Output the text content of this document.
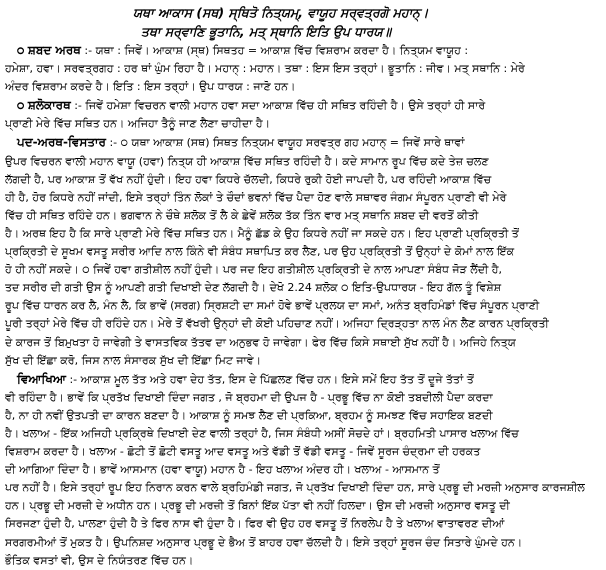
ਯਥਾ ਆਕਾਸ (ਸਥ) ਸ੍ਥਿਤੋ ਨਿਤ੍ਯਮ੍, ਵਾਯੂਹ ਸਰ੍ਵਤ੍ਰਗੋ ਮਹਾਨ੍।
ਤਥਾ ਸਰ੍ਵਾਣਿ ਭੂਤਾਨਿ, ਮਤ੍ ਸ੍ਥਾਨਿ ਇਤਿ ਉਪ ਧਾਰਯ॥

੦ ਸ਼ਬਦ ਅਰਥ :- ਯਥਾ : ਜਿਵੇਂ। ਆਕਾਸ਼ (ਸ੍ਥ) ਸਿਥਤਹ = ਆਕਾਸ਼ ਵਿੱਚ ਵਿਸ਼ਰਾਮ ਕਰਦਾ ਹੈ। ਨਿਤ੍ਯਮ ਵਾਯੂਹ :

ਹਮੇਸ਼ਾ, ਹਵਾ। ਸਰਵਤ੍ਰਗਹ : ਹਰ ਥਾਂ ਘੁੰਮ ਰਿਹਾ ਹੈ। ਮਹਾਨ੍ : ਮਹਾਨ। ਤਥਾ : ਇਸ ਇਸ ਤਰ੍ਹਾਂ। ਭੂਤਾਨਿ : ਜੀਵ। ਮਤ੍ ਸਥਾਨਿ : ਮੇਰੇ

ਅੰਦਰ ਵਿਸ਼ਰਾਮ ਕਰਦੇ ਹੈ। ਇਤਿ : ਇਸ ਤਰ੍ਹਾਂ। ਉਪ ਧਾਰਯ : ਜਾਣੋ ਹਨ।

੦ ਸ਼ਲੋਕਾਰਥ :- ਜਿਵੇਂ ਹਮੇਸ਼ਾ ਵਿਚਰਨ ਵਾਲੀ ਮਹਾਨ ਹਵਾ ਸਦਾ ਆਕਾਸ਼ ਵਿੱਚ ਹੀ ਸਥਿਤ ਰਹਿੰਦੀ ਹੈ। ਉਸੇ ਤਰ੍ਹਾਂ ਹੀ ਸਾਰੇ

ਪ੍ਰਾਣੀ ਮੇਰੇ ਵਿੱਚ ਸਥਿਤ ਹਨ। ਅਜਿਹਾ ਤੈਨੂੰ ਜਾਣ ਲੈਣਾ ਚਾਹੀਦਾ ਹੈ।

ਪਦ-ਅਰਥ-ਵਿਸਤਾਰ :- ੦ ਯਥਾ ਆਕਾਸ਼ (ਸਥ) ਸਿਥਤ ਨਿਤ੍ਯਮ ਵਾਯੂਹ ਸਰਵਤ੍ਰ ਗਹ ਮਹਾਨ੍ = ਜਿਵੇਂ ਸਾਰੇ ਥਾਵਾਂ

ਉਪਰ ਵਿਚਰਨ ਵਾਲੀ ਮਹਾਨ ਵਾਯੂ (ਹਵਾ) ਨਿਤ੍ਯ ਹੀ ਆਕਾਸ਼ ਵਿੱਚ ਸਥਿਤ ਰਹਿੰਦੀ ਹੈ। ਕਦੇ ਸਾਮਾਨ ਰੂਪ ਵਿੱਚ ਕਦੇ ਤੇਜ਼ ਚਲਣ

ਲੱਗਦੀ ਹੈ, ਪਰ ਆਕਾਸ਼ ਤੋਂ ਵੱਖ ਨਹੀਂ ਹੁੰਦੀ। ਇਹ ਹਵਾ ਕਿਧਰੇ ਚੱਲਦੀ, ਕਿਧਰੇ ਰੁਕੀ ਹੋਈ ਜਾਪਦੀ ਹੈ, ਪਰ ਰਹਿੰਦੀ ਆਕਾਸ਼ ਵਿੱਚ

ਹੀ ਹੈ, ਹੋਰ ਕਿਧਰੇ ਨਹੀਂ ਜਾਂਦੀ, ਇਸੇ ਤਰ੍ਹਾਂ ਤਿੰਨ ਲੋਕਾਂ ਤੇ ਚੌਦਾਂ ਭਵਨਾਂ ਵਿੱਚ ਪੈਦਾ ਹੋਣ ਵਾਲੇ ਸਥਾਵਰ ਜੰਗਮ ਸੰਪੂਰਨ ਪ੍ਰਾਣੀ ਵੀ ਮੇਰੇ

ਵਿੱਚ ਹੀ ਸਥਿਤ ਰਹਿੰਦੇ ਹਨ। ਭਗਵਾਨ ਨੇ ਚੌਥੇ ਸ਼ਲੋਕ ਤੋਂ ਲੈ ਕੇ ਛੇਵੇਂ ਸ਼ਲੋਕ ਤੱਕ ਤਿੰਨ ਵਾਰ ਮਤ੍ ਸਥਾਨਿ ਸ਼ਬਦ ਦੀ ਵਰਤੋਂ ਕੀਤੀ

ਹੈ। ਅਰਥ ਇਹ ਹੈ ਕਿ ਸਾਰੇ ਪ੍ਰਾਣੀ ਮੇਰੇ ਵਿੱਚ ਸਥਿਤ ਹਨ। ਮੈਨੂੰ ਛੱਡ ਕੇ ਉਹ ਕਿਧਰੇ ਨਹੀਂ ਜਾ ਸਕਦੇ ਹਨ। ਇਹ ਪ੍ਰਾਣੀ ਪ੍ਰਕ੍ਰਿਤੀ ਤੋਂ

ਪ੍ਰਕ੍ਰਿਤੀ ਦੇ ਸੂਖਮ ਵਸਤੂ ਸਰੀਰ ਆਦਿ ਨਾਲ ਕਿੰਨੇ ਵੀ ਸੰਬੰਧ ਸਥਾਪਿਤ ਕਰ ਲੈਣ, ਪਰ ਉਹ ਪ੍ਰਕ੍ਰਿਤੀ ਤੋਂ ਉਨ੍ਹਾਂ ਦੇ ਕੋਮਾਂ ਨਾਲ ਇੱਕ

ਹੋ ਹੀ ਨਹੀਂ ਸਕਦੇ। ੦ ਜਿਵੇਂ ਹਵਾ ਗਤੀਸ਼ੀਲ ਨਹੀਂ ਹੁੰਦੀ। ਪਰ ਜਦ ਇਹ ਗਤੀਸ਼ੀਲ ਪ੍ਰਕ੍ਰਿਤੀ ਦੇ ਨਾਲ ਆਪਣਾ ਸੰਬੰਧ ਜੋੜ ਲੈਂਦੀ ਹੈ,

ਤਦ ਸਰੀਰ ਦੀ ਗਤੀ ਉਸ ਨੂੰ ਆਪਣੀ ਗਤੀ ਦਿਖਾਈ ਦੇਣ ਲੱਗਦੀ ਹੈ। ਦੇਖੋ 2.24 ਸ਼ਲੋਕ ੦ ਇਤਿ-ਉਪਧਾਰਯ - ਇਹ ਗੱਲ ਤੂੰ ਵਿਸ਼ੇਸ਼

ਰੂਪ ਵਿੱਚ ਧਾਰਨ ਕਰ ਲੈ, ਮੰਨ ਲੈ, ਕਿ ਭਾਵੇਂ (ਸਰਗ) ਸ੍ਰਿਸ਼ਟੀ ਦਾ ਸਮਾਂ ਹੋਵੇ ਭਾਵੇਂ ਪ੍ਰਲਯ ਦਾ ਸਮਾਂ, ਅਨੰਤ ਬ੍ਰਹਿਮੰਡਾਂ ਵਿੱਚ ਸੰਪੂਰਨ ਪ੍ਰਾਣੀ

ਪੂਰੀ ਤਰ੍ਹਾਂ ਮੇਰੇ ਵਿੱਚ ਹੀ ਰਹਿੰਦੇ ਹਨ। ਮੇਰੇ ਤੋਂ ਵੱਖਰੀ ਉਨ੍ਹਾਂ ਦੀ ਕੋਈ ਪਹਿਚਾਣ ਨਹੀਂ। ਅਜਿਹਾ ਦ੍ਰਿੜ੍ਹਤਾ ਨਾਲ ਮੰਨ ਲੈਣ ਕਾਰਨ ਪ੍ਰਕ੍ਰਿਤੀ

ਦੇ ਕਾਰਜ ਤੋਂ ਬਿਮੁਖਤਾ ਹੋ ਜਾਵੇਗੀ ਤੇ ਵਾਸਤਵਿਕ ਤੱਤਵ ਦਾ ਅਨੁਭਵ ਹੋ ਜਾਵੇਗਾ। ਫੇਰ ਵਿੱਚ ਕਿਸੇ ਸਥਾਈ ਸੁੱਖ ਨਹੀਂ ਹੈ। ਅਜਿਹੇ ਨਿਤ੍ਯ

ਸੁੱਖ ਦੀ ਇੱਛਾ ਕਰੋ, ਜਿਸ ਨਾਲ ਸੰਸਾਰਕ ਸੁੱਖ ਦੀ ਇੱਛਾ ਮਿਟ ਜਾਵੇ।

ਵਿਆਖਿਆ :- ਆਕਾਸ਼ ਮੂਲ ਤੱਤ ਅਤੇ ਹਵਾ ਦੇਹ ਤੱਤ, ਇਸ ਦੇ ਪਿੱਛਲਣ ਵਿੱਚ ਹਨ। ਇਸੇ ਸਮੇਂ ਇਹ ਤੱਤ ਤੋਂ ਦੂਜੇ ਤੱਤਾਂ ਤੋਂ

ਵੀ ਰਹਿੰਦਾ ਹੈ। ਭਾਵੇਂ ਕਿ ਪ੍ਰਤੱਖ ਦਿਖਾਈ ਦਿੰਦਾ ਜਗਤ , ਜੋ ਬ੍ਰਹਮਾ ਦੀ ਉਪਜ ਹੈ - ਪ੍ਰਭੂ ਵਿੱਚ ਨਾ ਕੋਈ ਤਬਦੀਲੀ ਪੈਦਾ ਕਰਦਾ

ਹੈ, ਨਾ ਹੀ ਨਵੀਂ ਉਤਪਤੀ ਦਾ ਕਾਰਨ ਬਣਦਾ ਹੈ। ਆਕਾਸ਼ ਨੂੰ ਸਮਝ ਲੈਣ ਦੀ ਪ੍ਰਕਿਆ, ਬ੍ਰਹਮ ਨੂੰ ਸਮਝਣ ਵਿੱਚ ਸਹਾਇਕ ਬਣਦੀ

ਹੈ। ਖਲਾਅ - ਇੱਕ ਅਜਿਹੀ ਪ੍ਰਕ੍ਰਿਥੇ ਦਿਖਾਈ ਦੇਣ ਵਾਲੀ ਤਰ੍ਹਾਂ ਹੈ, ਜਿਸ ਸੰਬੰਧੀ ਅਸੀਂ ਸੋਚਦੇ ਹਾਂ। ਬ੍ਰਹਮਿਤੀ ਪਾਸਾਰ ਖਲਾਅ ਵਿੱਚ

ਵਿਸ਼ਰਾਮ ਕਰਦਾ ਹੈ। ਖਲਾਅ - ਛੋਟੀ ਤੋਂ ਛੋਟੀ ਵਸਤੂ ਆਦ ਵਸਤੂ ਅਤੇ ਵੱਡੀ ਤੋਂ ਵੱਡੀ ਵਸਤੂ - ਜਿਵੇਂ ਸੂਰਜ ਚੰਦ੍ਰਮਾ ਦੀ ਹਰਕਤ

ਦੀ ਆਗਿਆ ਦਿੰਦਾ ਹੈ। ਭਾਵੇਂ ਆਸਮਾਨ (ਹਵਾ ਵਾਯੂ) ਮਹਾਨ ਹੈ - ਇਹ ਖਲਾਅ ਅੰਦਰ ਹੀ। ਖਲਾਅ - ਆਸਮਾਨ ਤੋਂ

ਪਰ ਨਹੀਂ ਹੈ। ਇਸੇ ਤਰ੍ਹਾਂ ਰੂਪ ਇਹ ਨਿਰਾਨ ਕਰਨ ਵਾਲੇ ਬ੍ਰਹਿਮੰਡੀ ਜਗਤ, ਜੋ ਪ੍ਰਤੱਖ ਦਿਖਾਈ ਦਿੰਦਾ ਹਨ, ਸਾਰੇ ਪ੍ਰਭੂ ਦੀ ਮਰਜ਼ੀ ਅਨੁਸਾਰ ਕਾਰਜਸ਼ੀਲ

ਹਨ। ਪ੍ਰਭੂ ਦੀ ਮਰਜ਼ੀ ਦੇ ਅਧੀਨ ਹਨ। ਪ੍ਰਭੂ ਦੀ ਮਰਜ਼ੀ ਤੋਂ ਬਿਨਾਂ ਇੱਕ ਪੱਤਾ ਵੀ ਨਹੀਂ ਹਿਲਦਾ। ਉਸ ਦੀ ਮਰਜ਼ੀ ਅਨੁਸਾਰ ਵਸਤੂ ਦੀ

ਸਿਰਜਣਾ ਹੁੰਦੀ ਹੈ, ਪਾਲਣਾ ਹੁੰਦੀ ਹੈ ਤੇ ਫਿਰ ਨਾਸ ਵੀ ਹੁੰਦਾ ਹੈ। ਫਿਰ ਵੀ ਉਹ ਹਰ ਵਸਤੂ ਤੋਂ ਨਿਰਲੇਪ ਹੈ ਤੇ ਖਲਾਅ ਵਾਤਾਵਰਣ ਦੀਆਂ

ਸਰਗਰਮੀਆਂ ਤੋਂ ਮੁਕਤ ਹੈ। ਉਪਨਿਸ਼ਦ ਅਨੁਸਾਰ ਪ੍ਰਭੂ ਦੇ ਭੈਅ ਤੋਂ ਬਾਹਰ ਹਵਾ ਚੱਲਦੀ ਹੈ। ਇਸੇ ਤਰ੍ਹਾਂ ਸੂਰਜ ਚੰਦ ਸਿਤਾਰੇ ਘੁੰਮਦੇ ਹਨ।

ਭੌਤਿਕ ਵਸਤਾਂ ਵੀ, ਉਸ ਦੇ ਨਿਯੰਤਰਣ ਵਿੱਚ ਹਨ।
